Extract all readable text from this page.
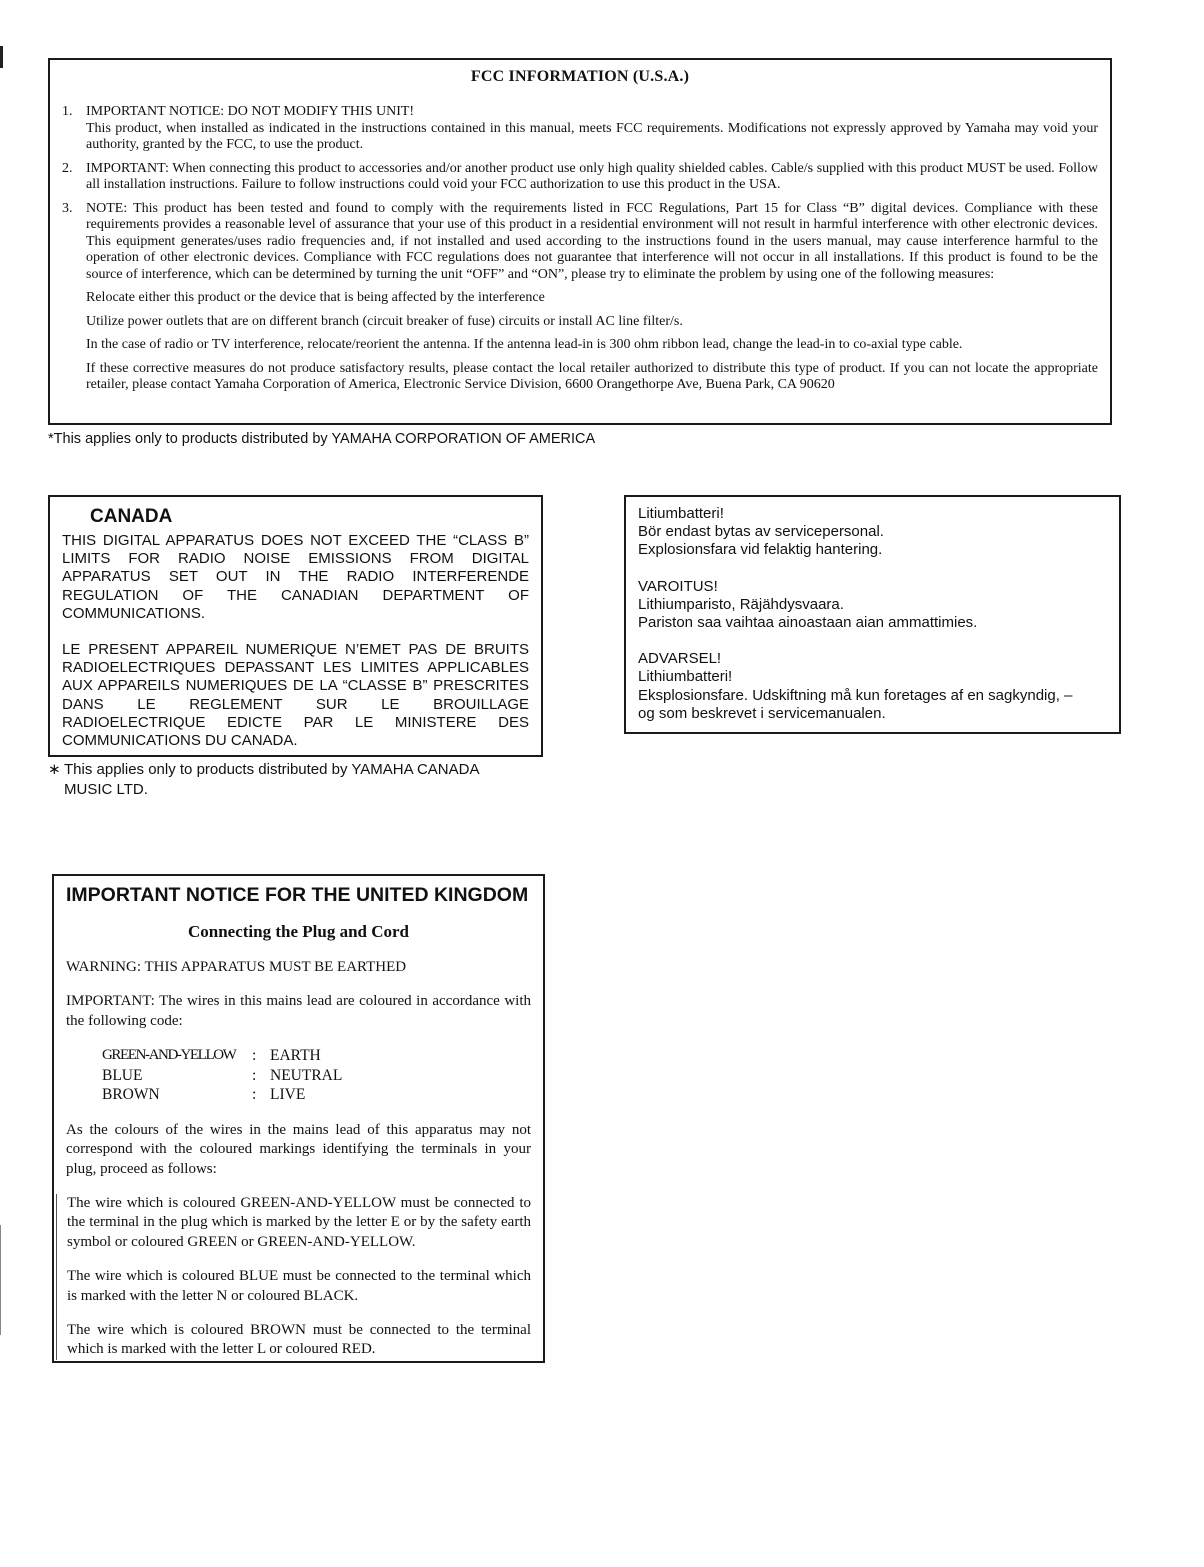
FCC INFORMATION (U.S.A.)
1. IMPORTANT NOTICE: DO NOT MODIFY THIS UNIT!
This product, when installed as indicated in the instructions contained in this manual, meets FCC requirements. Modifications not expressly approved by Yamaha may void your authority, granted by the FCC, to use the product.
2. IMPORTANT: When connecting this product to accessories and/or another product use only high quality shielded cables. Cable/s supplied with this product MUST be used. Follow all installation instructions. Failure to follow instructions could void your FCC authorization to use this product in the USA.
3. NOTE: This product has been tested and found to comply with the requirements listed in FCC Regulations, Part 15 for Class “B” digital devices. Compliance with these requirements provides a reasonable level of assurance that your use of this product in a residential environment will not result in harmful interference with other electronic devices. This equipment generates/uses radio frequencies and, if not installed and used according to the instructions found in the users manual, may cause interference harmful to the operation of other electronic devices. Compliance with FCC regulations does not guarantee that interference will not occur in all installations. If this product is found to be the source of interference, which can be determined by turning the unit “OFF” and “ON”, please try to eliminate the problem by using one of the following measures:
Relocate either this product or the device that is being affected by the interference
Utilize power outlets that are on different branch (circuit breaker of fuse) circuits or install AC line filter/s.
In the case of radio or TV interference, relocate/reorient the antenna. If the antenna lead-in is 300 ohm ribbon lead, change the lead-in to co-axial type cable.
If these corrective measures do not produce satisfactory results, please contact the local retailer authorized to distribute this type of product. If you can not locate the appropriate retailer, please contact Yamaha Corporation of America, Electronic Service Division, 6600 Orangethorpe Ave, Buena Park, CA 90620
*This applies only to products distributed by YAMAHA CORPORATION OF AMERICA
CANADA
THIS DIGITAL APPARATUS DOES NOT EXCEED THE “CLASS B” LIMITS FOR RADIO NOISE EMISSIONS FROM DIGITAL APPARATUS SET OUT IN THE RADIO INTERFERENDE REGULATION OF THE CANADIAN DEPARTMENT OF COMMUNICATIONS.
LE PRESENT APPAREIL NUMERIQUE N’EMET PAS DE BRUITS RADIOELECTRIQUES DEPASSANT LES LIMITES APPLICABLES AUX APPAREILS NUMERIQUES DE LA “CLASSE B” PRESCRITES DANS LE REGLEMENT SUR LE BROUILLAGE RADIOELECTRIQUE EDICTE PAR LE MINISTERE DES COMMUNICATIONS DU CANADA.
∗ This applies only to products distributed by YAMAHA CANADA
MUSIC LTD.
Litiumbatteri!
Bör endast bytas av servicepersonal.
Explosionsfara vid felaktig hantering.
VAROITUS!
Lithiumparisto, Räjähdysvaara.
Pariston saa vaihtaa ainoastaan aian ammattimies.
ADVARSEL!
Lithiumbatteri!
Eksplosionsfare. Udskiftning må kun foretages af en sagkyndig, –
og som beskrevet i servicemanualen.
IMPORTANT NOTICE FOR THE UNITED KINGDOM
Connecting the Plug and Cord
WARNING: THIS APPARATUS MUST BE EARTHED
IMPORTANT: The wires in this mains lead are coloured in accordance with the following code:
GREEN-AND-YELLOW	: EARTH
BLUE	: NEUTRAL
BROWN	: LIVE
As the colours of the wires in the mains lead of this apparatus may not correspond with the coloured markings identifying the terminals in your plug, proceed as follows:
The wire which is coloured GREEN-AND-YELLOW must be connected to the terminal in the plug which is marked by the letter E or by the safety earth symbol or coloured GREEN or GREEN-AND-YELLOW.
The wire which is coloured BLUE must be connected to the terminal which is marked with the letter N or coloured BLACK.
The wire which is coloured BROWN must be connected to the terminal which is marked with the letter L or coloured RED.
